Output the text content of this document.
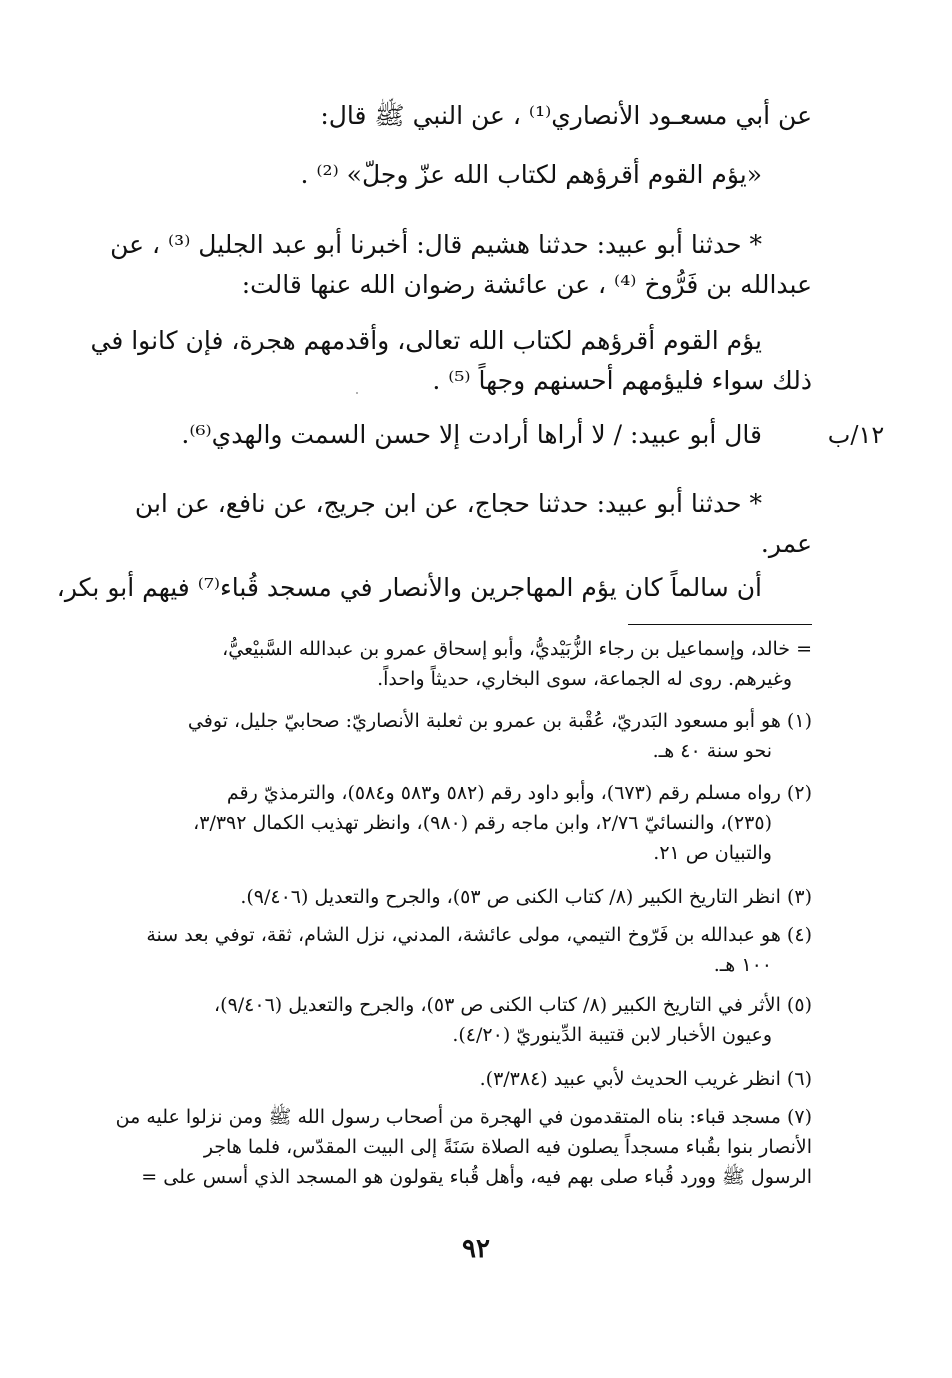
عن أبي مسعـود الأنصاري⁽¹⁾ ، عن النبي ﷺ قال:
«يؤم القوم أقرؤهم لكتاب الله عزّ وجلّ» ⁽²⁾ .
* حدثنا أبو عبيد: حدثنا هشيم قال: أخبرنا أبو عبد الجليل ⁽³⁾ ، عن
عبدالله بن فَرُّوخ ⁽⁴⁾ ، عن عائشة رضوان الله عنها قالت:
يؤم القوم أقرؤهم لكتاب الله تعالى، وأقدمهم هجرة، فإن كانوا في
ذلك سواء فليؤمهم أحسنهم وجهاً ⁽⁵⁾ .
قال أبو عبيد: / لا أراها أرادت إلا حسن السمت والهدي⁽⁶⁾.	١٢/ب
* حدثنا أبو عبيد: حدثنا حجاج، عن ابن جريج، عن نافع، عن ابن
عمر.
أن سالماً كان يؤم المهاجرين والأنصار في مسجد قُباء⁽⁷⁾ فيهم أبو بكر،
= خالد، وإسماعيل بن رجاء الزُّبَيْديُّ، وأبو إسحاق عمرو بن عبدالله السَّبيْعيُّ،
وغيرهم. روى له الجماعة، سوى البخاري، حديثاً واحداً.
(١) هو أبو مسعود البَدريّ، عُقْبة بن عمرو بن ثعلبة الأنصاريّ: صحابيّ جليل، توفي
نحو سنة ٤٠ هـ.
(٢) رواه مسلم رقم (٦٧٣)، وأبو داود رقم (٥٨٢ و٥٨٣ و٥٨٤)، والترمذيّ رقم
(٢٣٥)، والنسائيّ ٢/٧٦، وابن ماجه رقم (٩٨٠)، وانظر تهذيب الكمال ٣/٣٩٢،
والتبيان ص ٢١.
(٣) انظر التاريخ الكبير (٨/ كتاب الكنى ص ٥٣)، والجرح والتعديل (٩/٤٠٦).
(٤) هو عبدالله بن فَرّوخ التيمي، مولى عائشة، المدني، نزل الشام، ثقة، توفي بعد سنة
١٠٠ هـ.
(٥) الأثر في التاريخ الكبير (٨/ كتاب الكنى ص ٥٣)، والجرح والتعديل (٩/٤٠٦)،
وعيون الأخبار لابن قتيبة الدِّينوريّ (٤/٢٠).
(٦) انظر غريب الحديث لأبي عبيد (٣/٣٨٤).
(٧) مسجد قباء: بناه المتقدمون في الهجرة من أصحاب رسول الله ﷺ ومن نزلوا عليه من
الأنصار بنوا بقُباء مسجداً يصلون فيه الصلاة سَنَةً إلى البيت المقدّس، فلما هاجر
الرسول ﷺ وورد قُباء صلى بهم فيه، وأهل قُباء يقولون هو المسجد الذي أسس على =
٩٢
